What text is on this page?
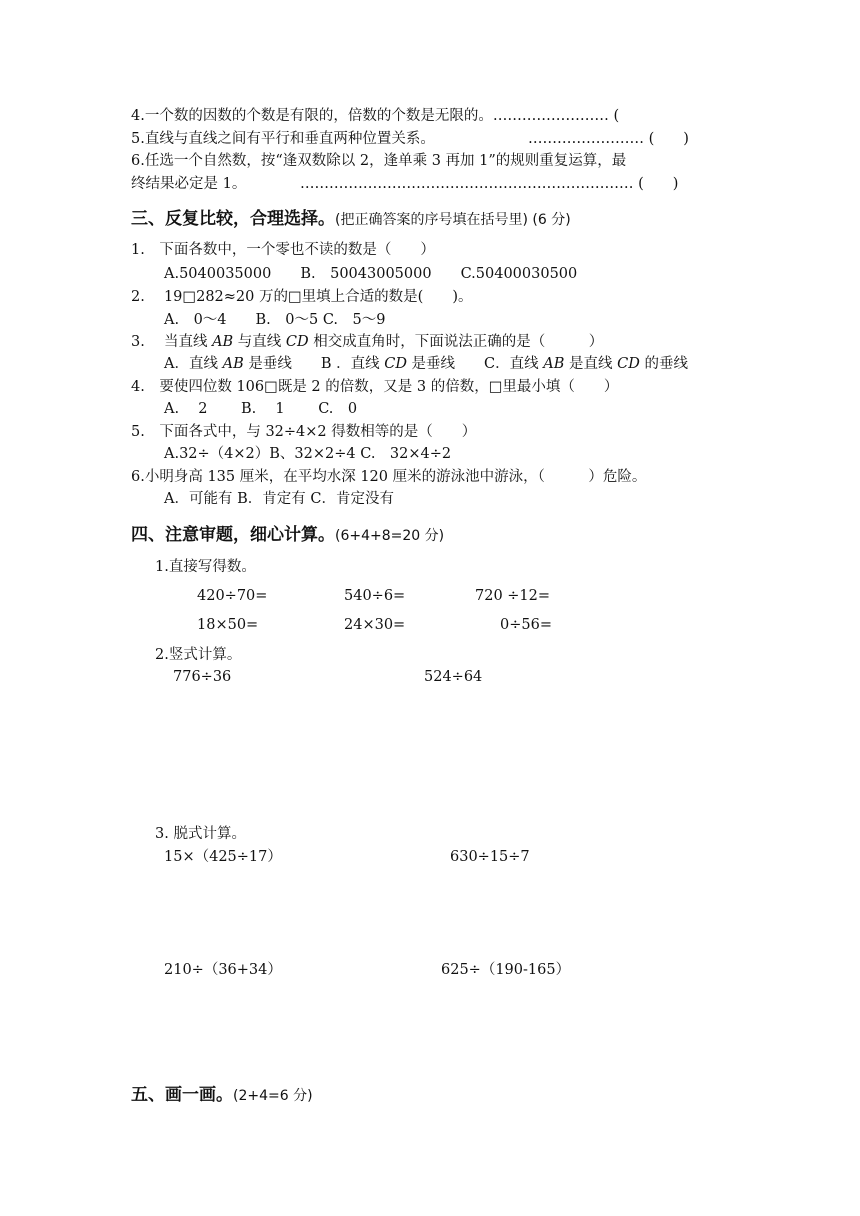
4.一个数的因数的个数是有限的，倍数的个数是无限的。…………………… (
5.直线与直线之间有平行和垂直两种位置关系。	…………………… (　　)
6.任选一个自然数，按“逢双数除以 2，逢单乘 3 再加 1”的规则重复运算，最
终结果必定是 1。	…………………………………………………………… (　　)
三、反复比较，合理选择。(把正确答案的序号填在括号里) (6 分)
1.　下面各数中，一个零也不读的数是（　　）
A.5040035000　　B.　50043005000　　C.50400030500
2.　 19□282≈20 万的□里填上合适的数是(　　)。
A.　0～4　　B.　0～5 C.　5～9
3.　 当直线 AB 与直线 CD 相交成直角时，下面说法正确的是（　　　）
A．直线 AB 是垂线　　B ．直线 CD 是垂线　　C．直线 AB 是直线 CD 的垂线
4.　要使四位数 106□既是 2 的倍数，又是 3 的倍数，□里最小填（　　）
A.　 2　　 B.　 1　　 C.　0
5.　下面各式中，与 32÷4×2 得数相等的是（　　）
A.32÷（4×2）B、32×2÷4 C.　32×4÷2
6.小明身高 135 厘米，在平均水深 120 厘米的游泳池中游泳，（　　　）危险。
A．可能有 B．肯定有 C．肯定没有
四、注意审题，细心计算。(6+4+8=20 分)
1.直接写得数。
420÷70=	540÷6=	720 ÷12=
18×50=	24×30=	0÷56=
2.竖式计算。
776÷36	524÷64
3. 脱式计算。
15×（425÷17）	630÷15÷7
210÷（36+34）	625÷（190-165）
五、画一画。(2+4=6 分)
